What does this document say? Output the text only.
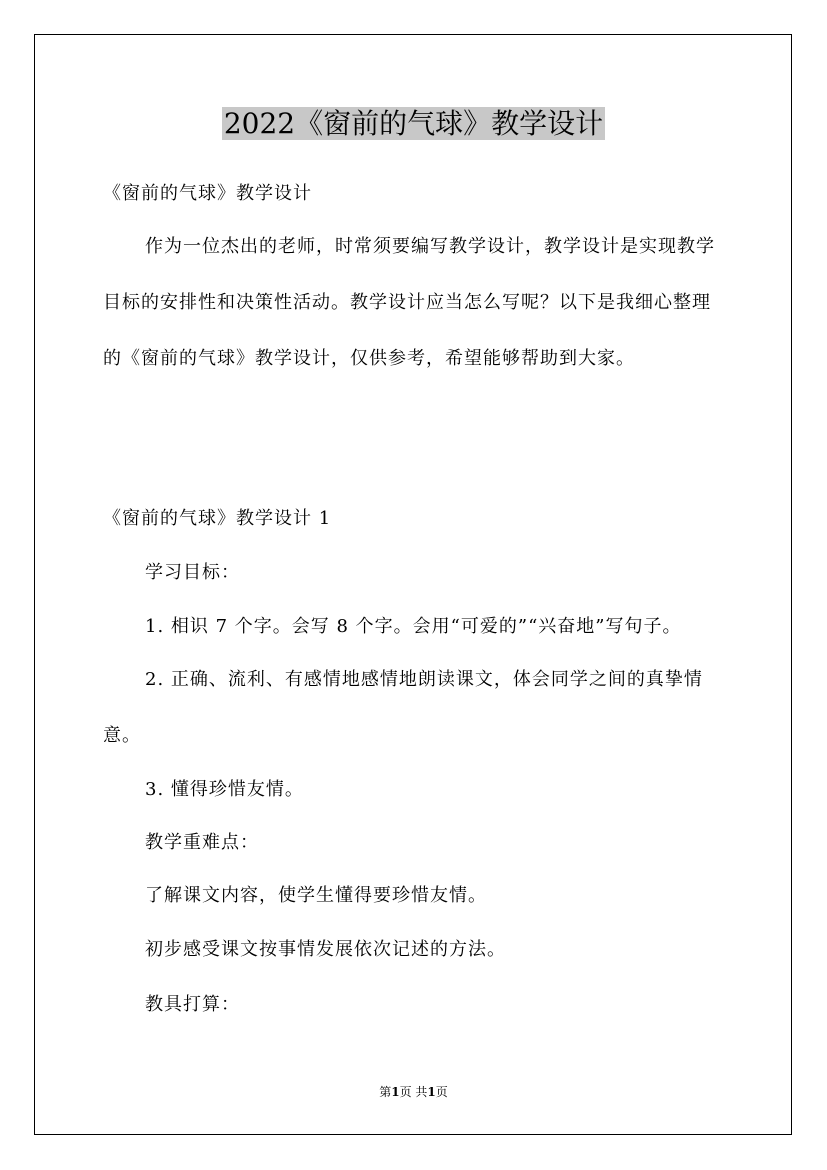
2022《窗前的气球》教学设计

《窗前的气球》教学设计

作为一位杰出的老师，时常须要编写教学设计，教学设计是实现教学目标的安排性和决策性活动。教学设计应当怎么写呢？以下是我细心整理的《窗前的气球》教学设计，仅供参考，希望能够帮助到大家。

《窗前的气球》教学设计 1

学习目标：

1. 相识 7 个字。会写 8 个字。会用“可爱的”“兴奋地”写句子。

2. 正确、流利、有感情地感情地朗读课文，体会同学之间的真挚情意。

3. 懂得珍惜友情。

教学重难点：

了解课文内容，使学生懂得要珍惜友情。

初步感受课文按事情发展依次记述的方法。

教具打算：

第1页 共1页
